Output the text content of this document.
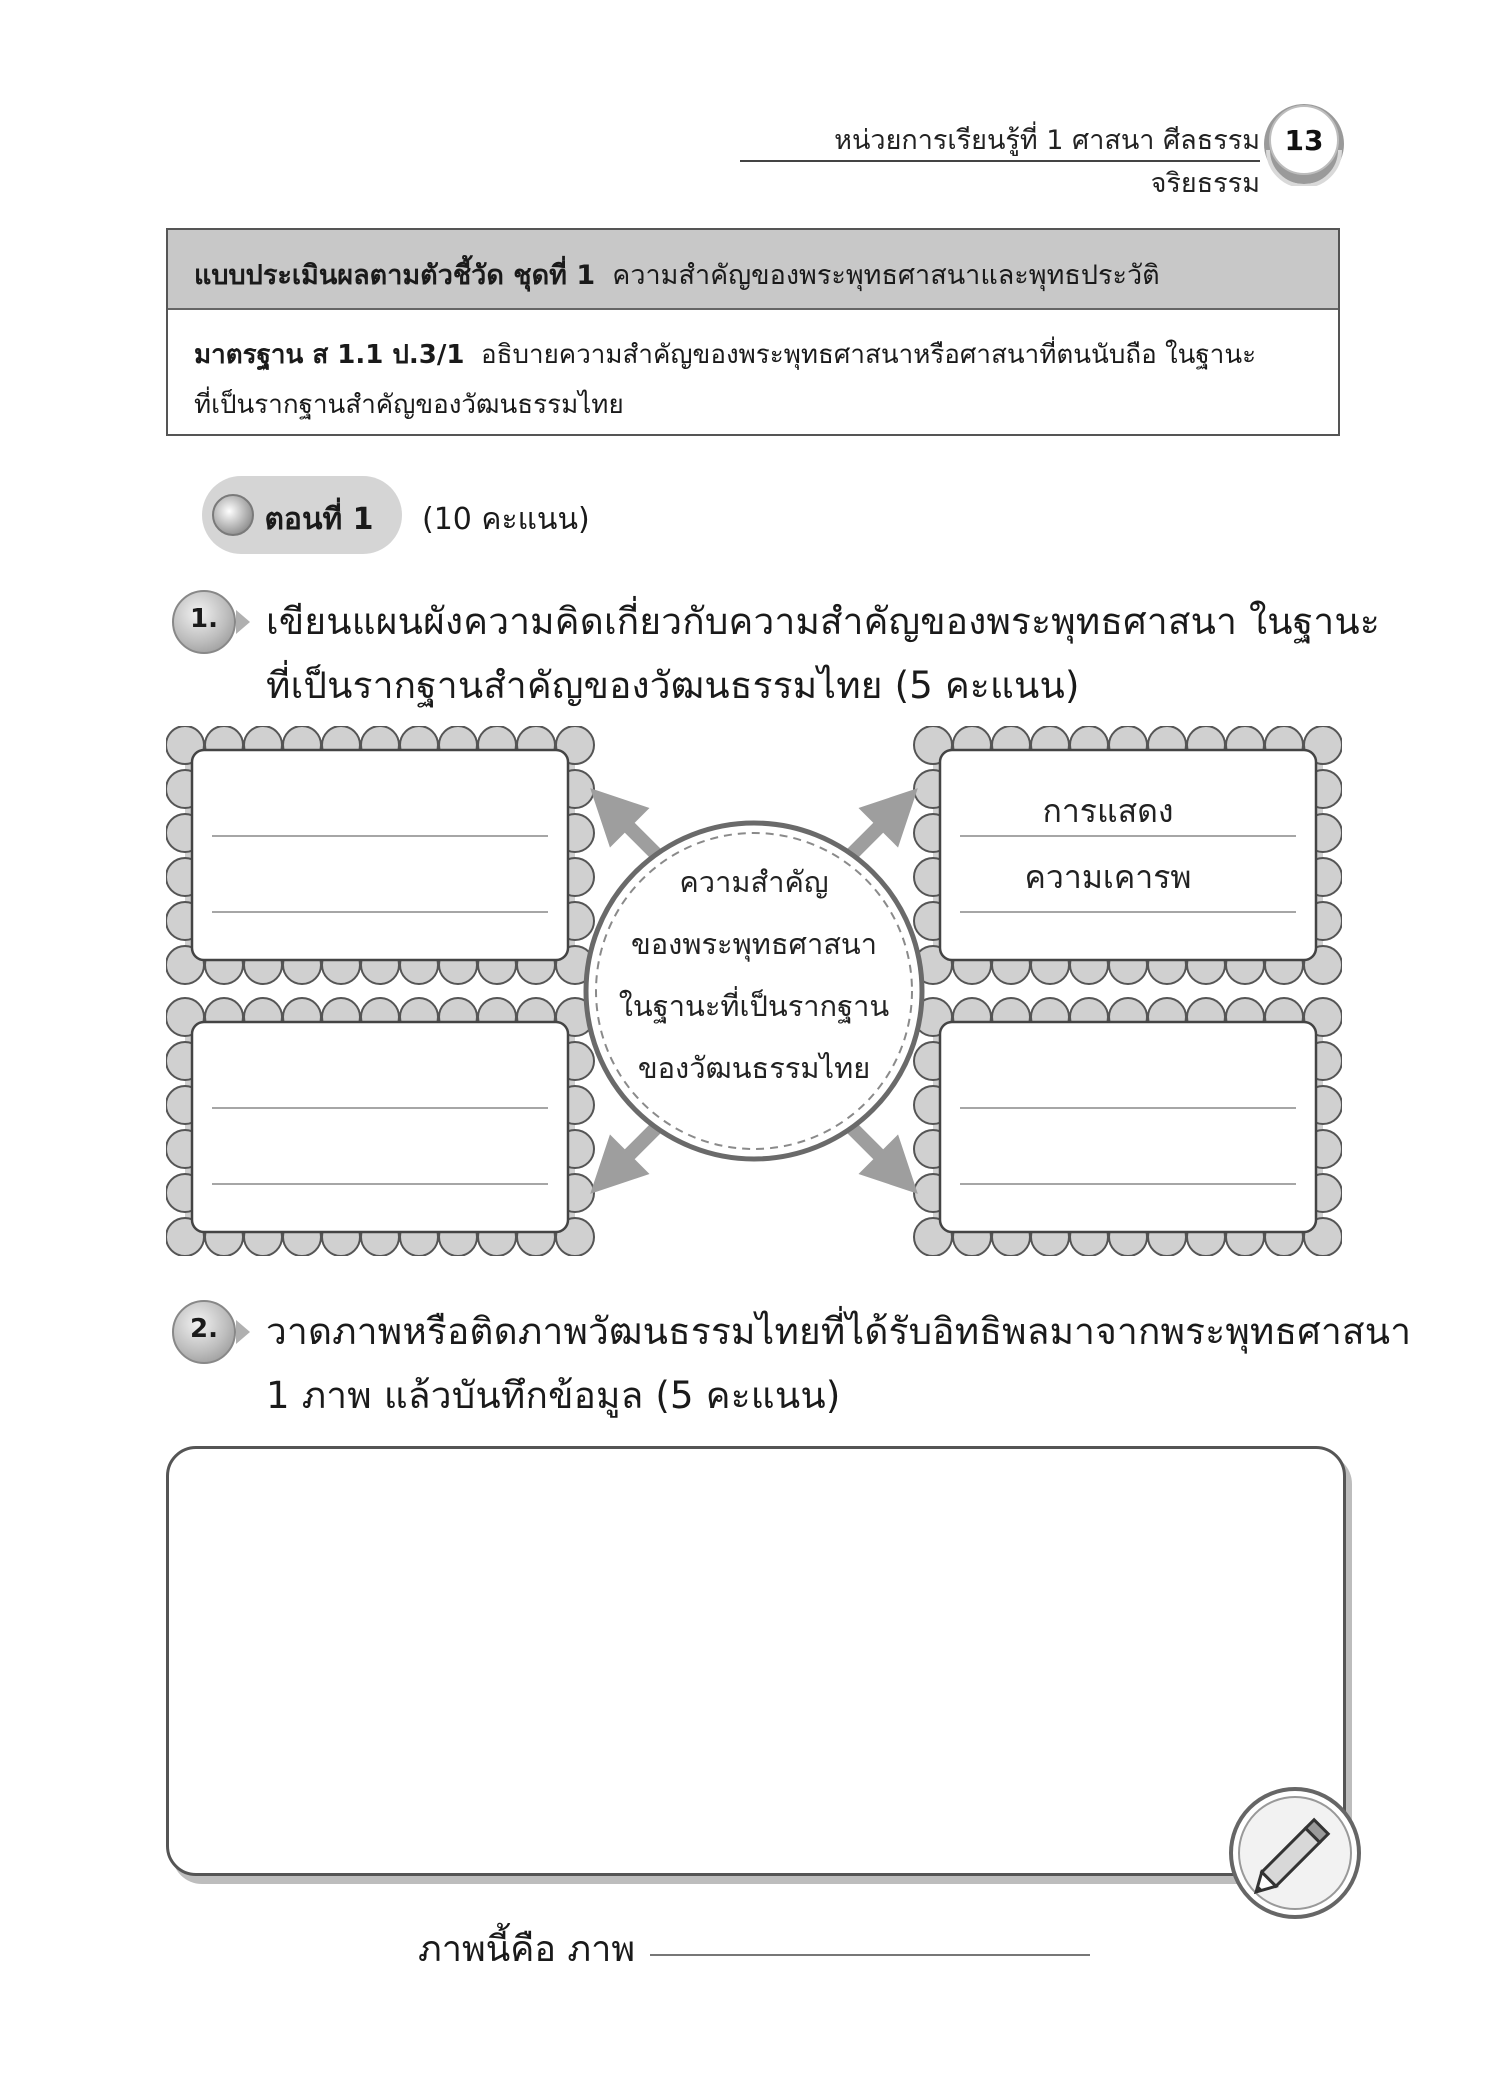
หน่วยการเรียนรู้ที่ 1 ศาสนา ศีลธรรม จริยธรรม
13
แบบประเมินผลตามตัวชี้วัด ชุดที่ 1 ความสำคัญของพระพุทธศาสนาและพุทธประวัติ
มาตรฐาน ส 1.1 ป.3/1 อธิบายความสำคัญของพระพุทธศาสนาหรือศาสนาที่ตนนับถือ ในฐานะ
ที่เป็นรากฐานสำคัญของวัฒนธรรมไทย
ตอนที่ 1	(10 คะแนน)
1.	เขียนแผนผังความคิดเกี่ยวกับความสำคัญของพระพุทธศาสนา ในฐานะ
ที่เป็นรากฐานสำคัญของวัฒนธรรมไทย (5 คะแนน)
ความสำคัญ
ของพระพุทธศาสนา
ในฐานะที่เป็นรากฐาน
ของวัฒนธรรมไทย
การแสดง
ความเคารพ
2.	วาดภาพหรือติดภาพวัฒนธรรมไทยที่ได้รับอิทธิพลมาจากพระพุทธศาสนา
1 ภาพ แล้วบันทึกข้อมูล (5 คะแนน)
ภาพนี้คือ ภาพ
